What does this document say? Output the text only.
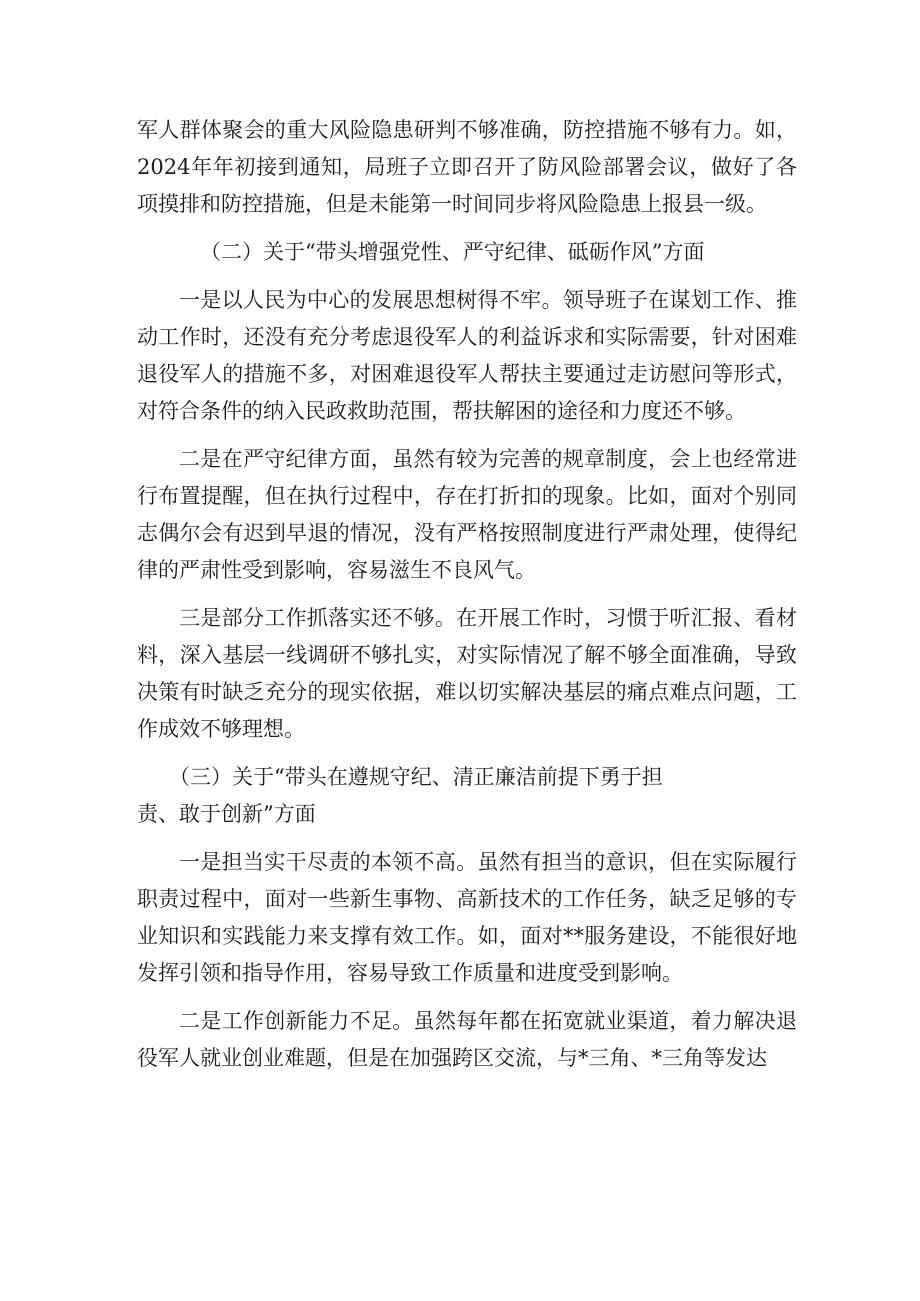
军人群体聚会的重大风险隐患研判不够准确，防控措施不够有力。如，2024年年初接到通知，局班子立即召开了防风险部署会议，做好了各项摸排和防控措施，但是未能第一时间同步将风险隐患上报县一级。

（二）关于“带头增强党性、严守纪律、砥砺作风”方面

一是以人民为中心的发展思想树得不牢。领导班子在谋划工作、推动工作时，还没有充分考虑退役军人的利益诉求和实际需要，针对困难退役军人的措施不多，对困难退役军人帮扶主要通过走访慰问等形式，对符合条件的纳入民政救助范围，帮扶解困的途径和力度还不够。

二是在严守纪律方面，虽然有较为完善的规章制度，会上也经常进行布置提醒，但在执行过程中，存在打折扣的现象。比如，面对个别同志偶尔会有迟到早退的情况，没有严格按照制度进行严肃处理，使得纪律的严肃性受到影响，容易滋生不良风气。

三是部分工作抓落实还不够。在开展工作时，习惯于听汇报、看材料，深入基层一线调研不够扎实，对实际情况了解不够全面准确，导致决策有时缺乏充分的现实依据，难以切实解决基层的痛点难点问题，工作成效不够理想。

（三）关于“带头在遵规守纪、清正廉洁前提下勇于担
责、敢于创新”方面

一是担当实干尽责的本领不高。虽然有担当的意识，但在实际履行职责过程中，面对一些新生事物、高新技术的工作任务，缺乏足够的专业知识和实践能力来支撑有效工作。如，面对**服务建设，不能很好地发挥引领和指导作用，容易导致工作质量和进度受到影响。

二是工作创新能力不足。虽然每年都在拓宽就业渠道，着力解决退役军人就业创业难题，但是在加强跨区交流，与*三角、*三角等发达
